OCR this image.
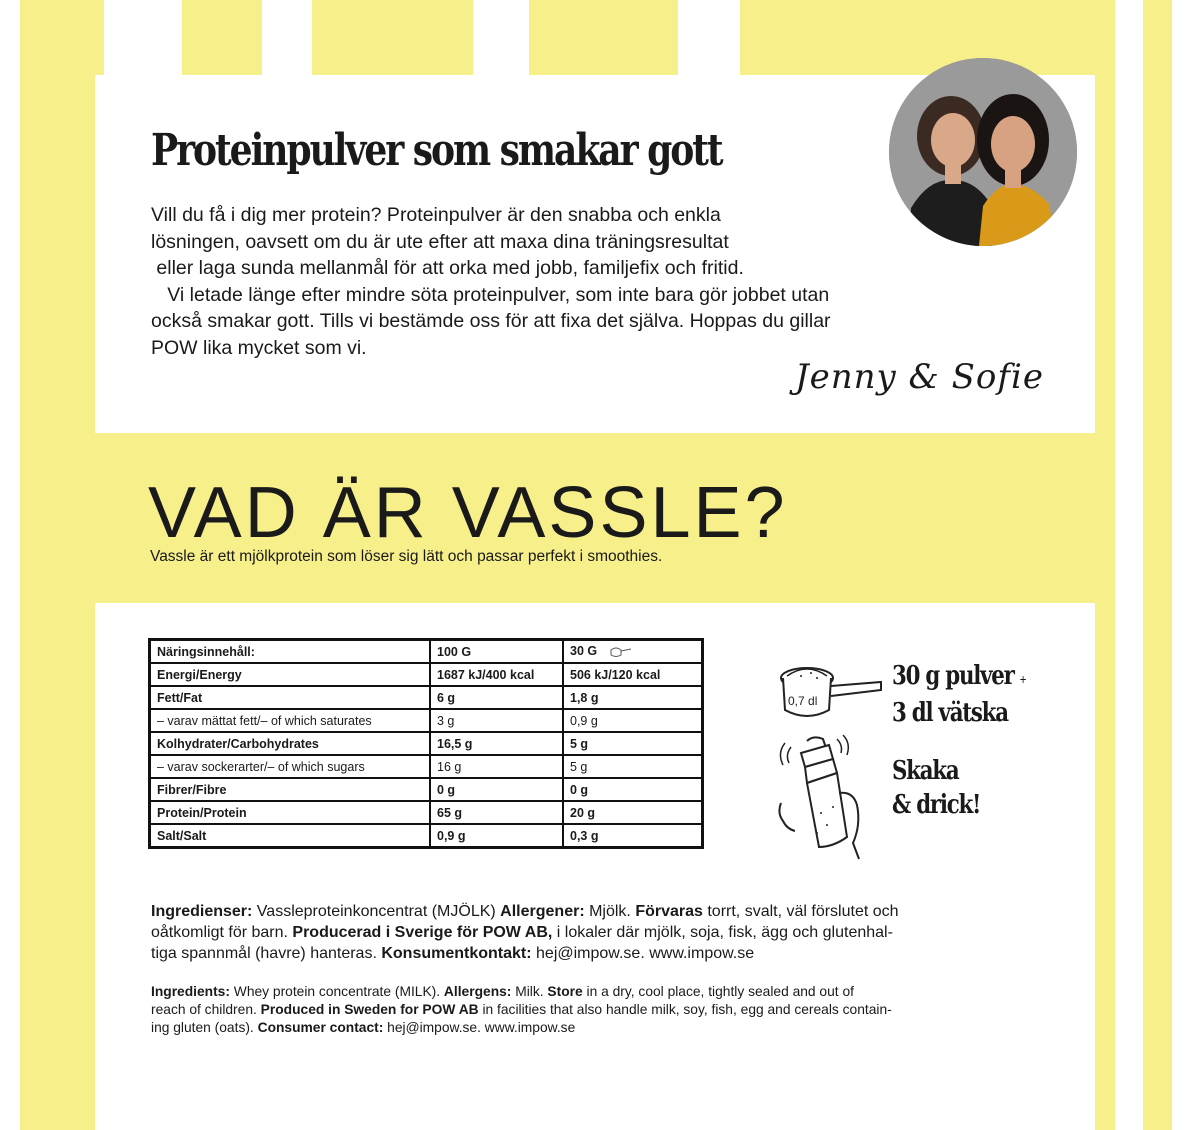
Proteinpulver som smakar gott

Vill du få i dig mer protein? Proteinpulver är den snabba och enkla
lösningen, oavsett om du är ute efter att maxa dina träningsresultat
eller laga sunda mellanmål för att orka med jobb, familjefix och fritid.
Vi letade länge efter mindre söta proteinpulver, som inte bara gör jobbet utan
också smakar gott. Tills vi bestämde oss för att fixa det själva. Hoppas du gillar
POW lika mycket som vi.

Jenny & Sofie

VAD ÄR VASSLE?

Vassle är ett mjölkprotein som löser sig lätt och passar perfekt i smoothies.

Näringsinnehåll:	100 G	30 G
Energi/Energy	1687 kJ/400 kcal	506 kJ/120 kcal
Fett/Fat	6 g	1,8 g
– varav mättat fett/– of which saturates	3 g	0,9 g
Kolhydrater/Carbohydrates	16,5 g	5 g
– varav sockerarter/– of which sugars	16 g	5 g
Fibrer/Fibre	0 g	0 g
Protein/Protein	65 g	20 g
Salt/Salt	0,9 g	0,3 g
0,7 dl

30 g pulver +
3 dl vätska

Skaka
& drick!

Ingredienser: Vassleproteinkoncentrat (MJÖLK) Allergener: Mjölk. Förvaras torrt, svalt, väl förslutet och
oåtkomligt för barn. Producerad i Sverige för POW AB, i lokaler där mjölk, soja, fisk, ägg och glutenhal-
tiga spannmål (havre) hanteras. Konsumentkontakt: hej@impow.se. www.impow.se

Ingredients: Whey protein concentrate (MILK). Allergens: Milk. Store in a dry, cool place, tightly sealed and out of
reach of children. Produced in Sweden for POW AB in facilities that also handle milk, soy, fish, egg and cereals contain-
ing gluten (oats). Consumer contact: hej@impow.se. www.impow.se
